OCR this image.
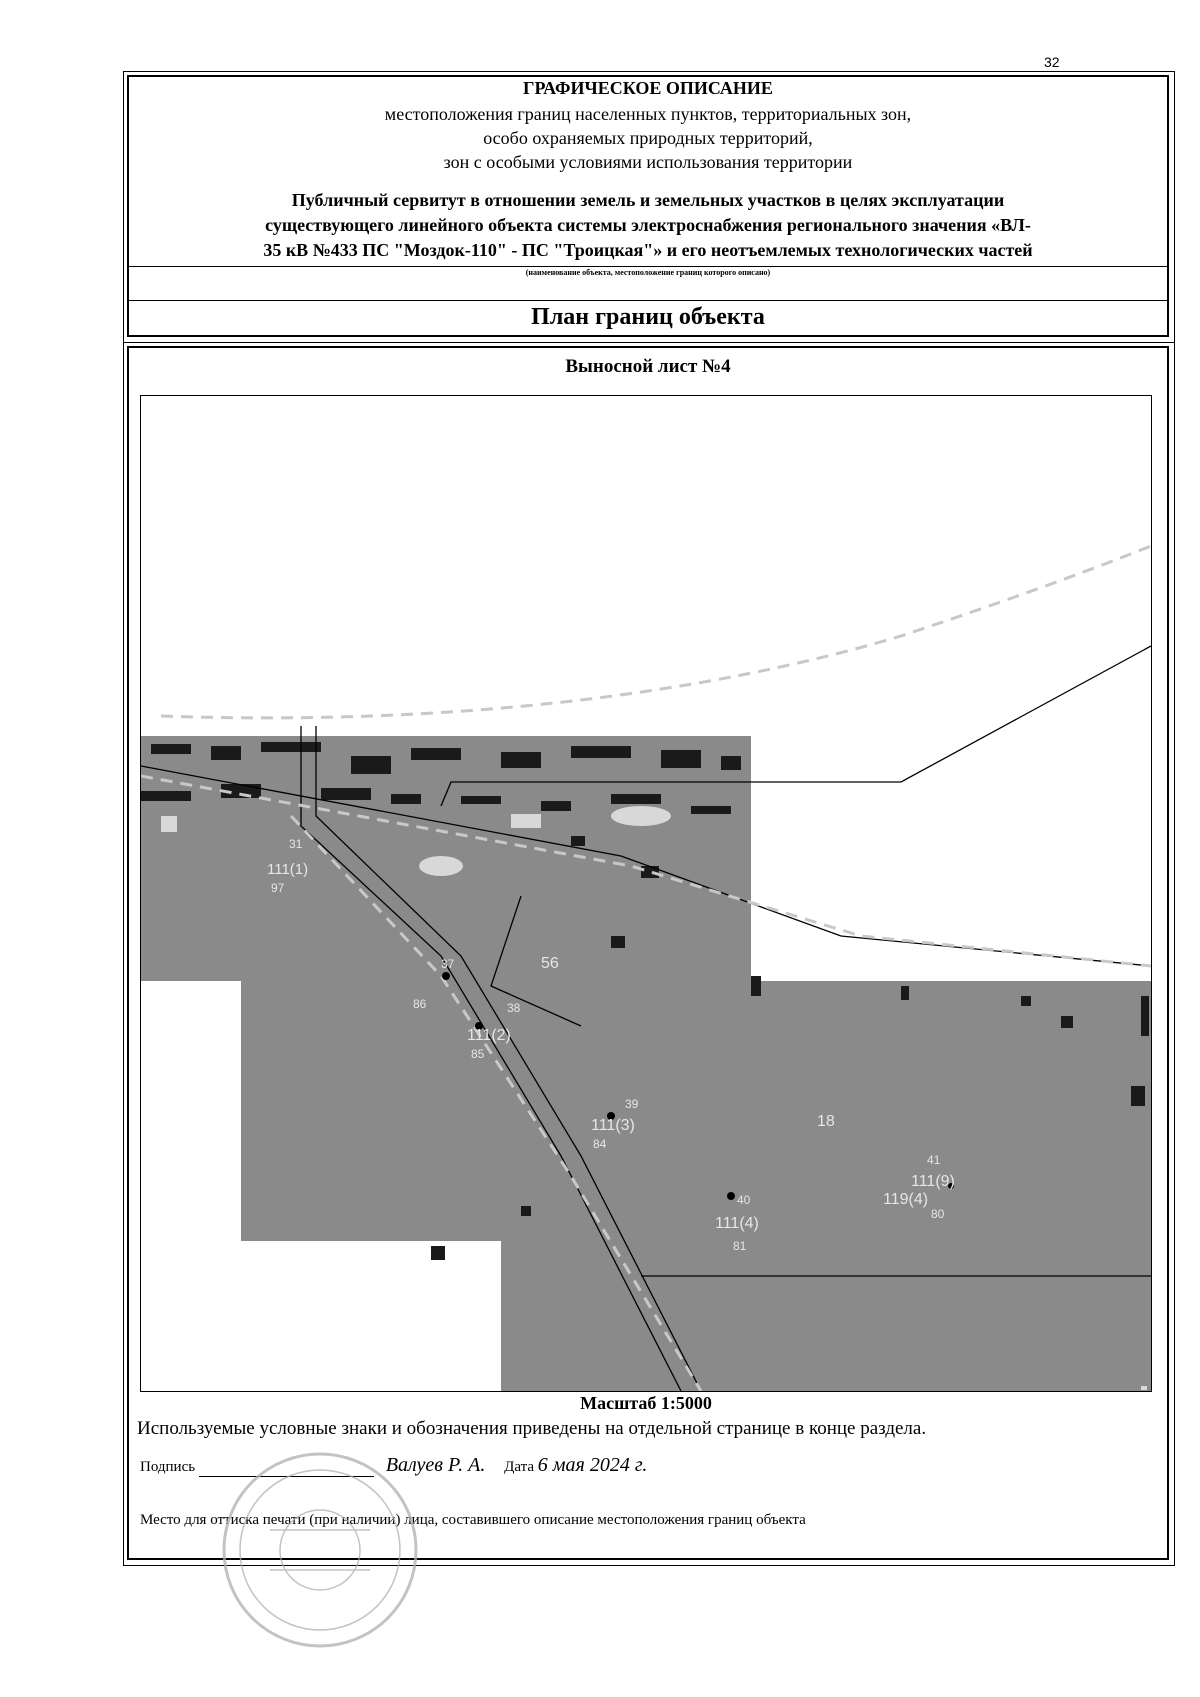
32
ГРАФИЧЕСКОЕ ОПИСАНИЕ
местоположения границ населенных пунктов, территориальных зон,
особо охраняемых природных территорий,
зон с особыми условиями использования территории
Публичный сервитут в отношении земель и земельных участков в целях эксплуатации
существующего линейного объекта системы электроснабжения регионального значения «ВЛ-
35 кВ №433 ПС "Моздок-110" - ПС "Троицкая"» и его неотъемлемых технологических частей
(наименование объекта, местоположение границ которого описано)
План границ объекта
Выносной лист №4
31
111(1)
97
37
86
56
38
111(2)
85
39
111(3)
84
18
41
111(9)
119(4)
80
40
111(4)
81
Масштаб 1:5000
Используемые условные знаки и обозначения приведены на отдельной странице в конце раздела.
Подпись	Валуев Р. А. Дата 6 мая 2024 г.
Место для оттиска печати (при наличии) лица, составившего описание местоположения границ объекта
